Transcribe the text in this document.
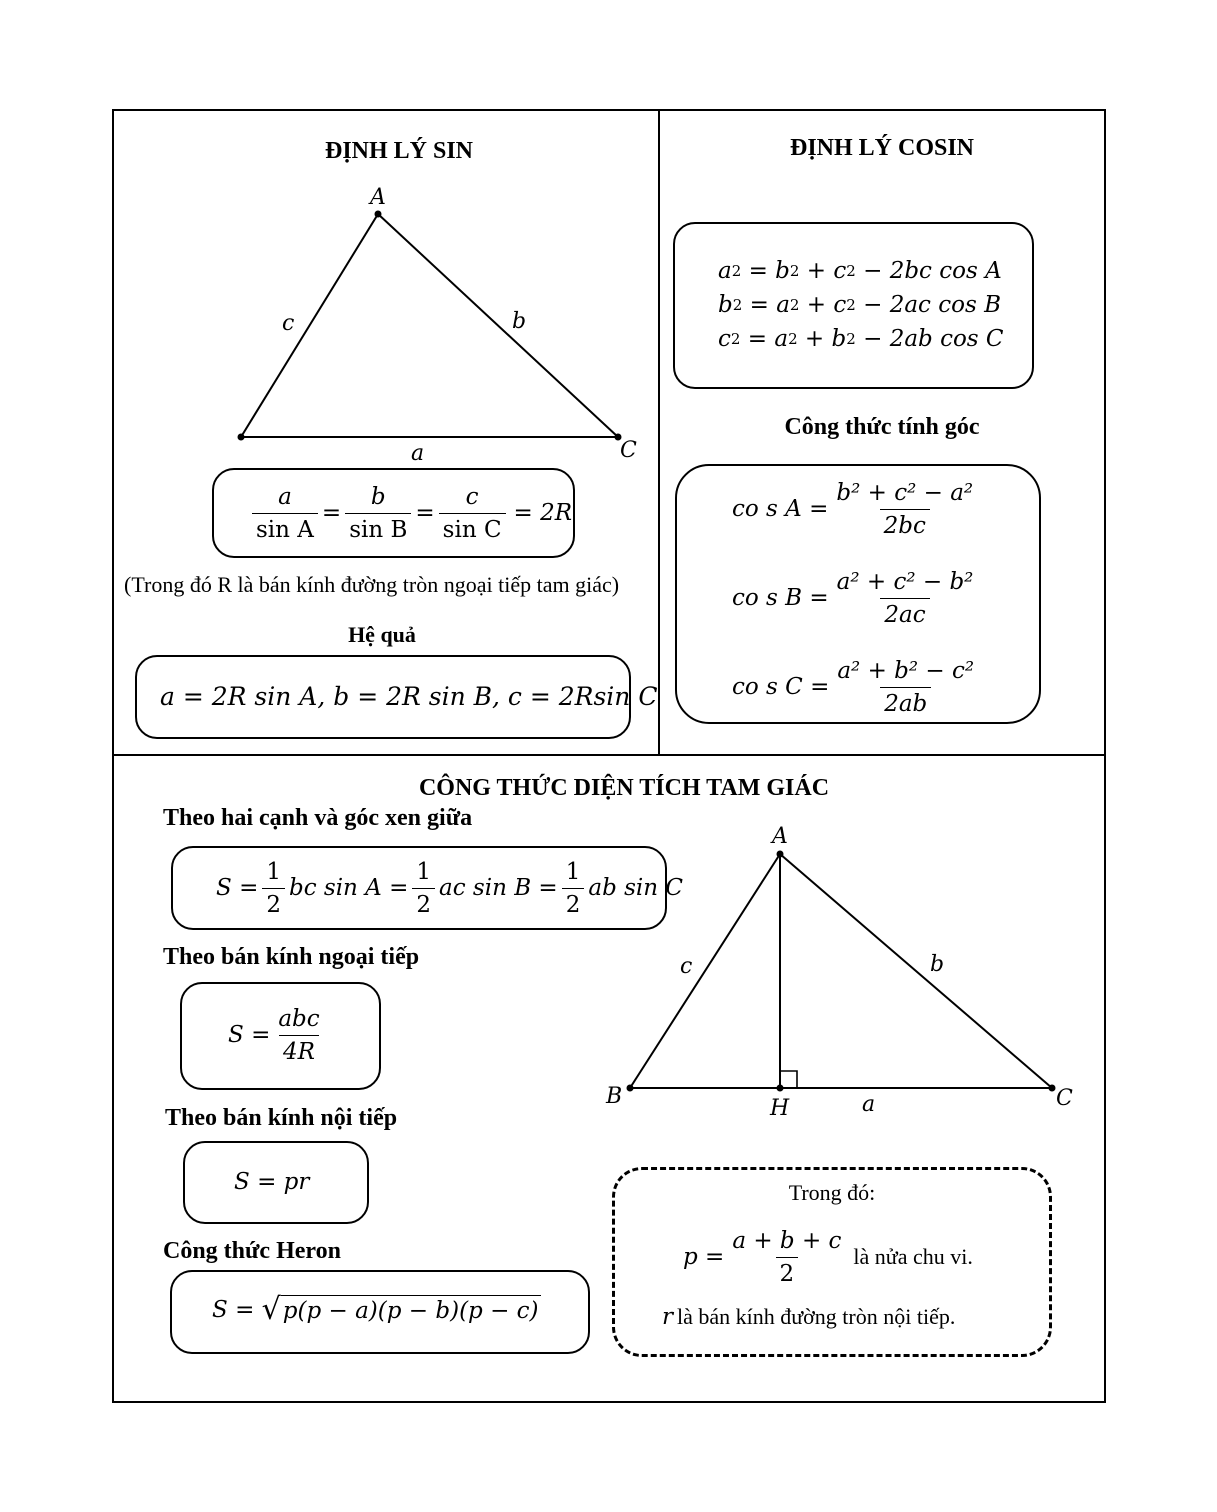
ĐỊNH LÝ SIN
A
C
c	b
a
$\frac{a}{\text{sin A}} = \frac{b}{\text{sin B}} = \frac{c}{\text{sin C}} = 2R$
(Trong đó R là bán kính đường tròn ngoại tiếp tam giác)
Hệ quả
a = 2R sin A, b = 2R sin B, c = 2Rsin C
ĐỊNH LÝ COSIN
a 2 = b 2 + c 2
− 2bc cos A
b 2 = a 2 + c 2
− 2ac cos B
c 2 = a 2 + b 2
− 2ab cos C
Công thức tính góc
co s $A = \frac{\text{b² + c² − a²}}{2bc}$
co s $B = \frac{\text{a² + c² − b²}}{2ac}$
co s $C = \frac{\text{a² + b² − c²}}{2ab}$
CÔNG THỨC DIỆN TÍCH TAM GIÁC
Theo hai cạnh và góc xen giữa
$S = \frac{1}{2}$ bc $\sin A = \frac{1}{2}$ ac $\sin B = \frac{1}{2}$ ab sin C
Theo bán kính ngoại tiếp
$S = \frac{\text{abc}}{4R}$
Theo bán kính nội tiếp
S = pr
Công thức Heron
S =
√ p(p − a)(p − b)(p − c)
A
B	C
H	a
b
c
Trong đó:
$p = \frac{a + b + c}{2}$ là nửa chu vi.
r
là bán kính đường tròn nội tiếp.
